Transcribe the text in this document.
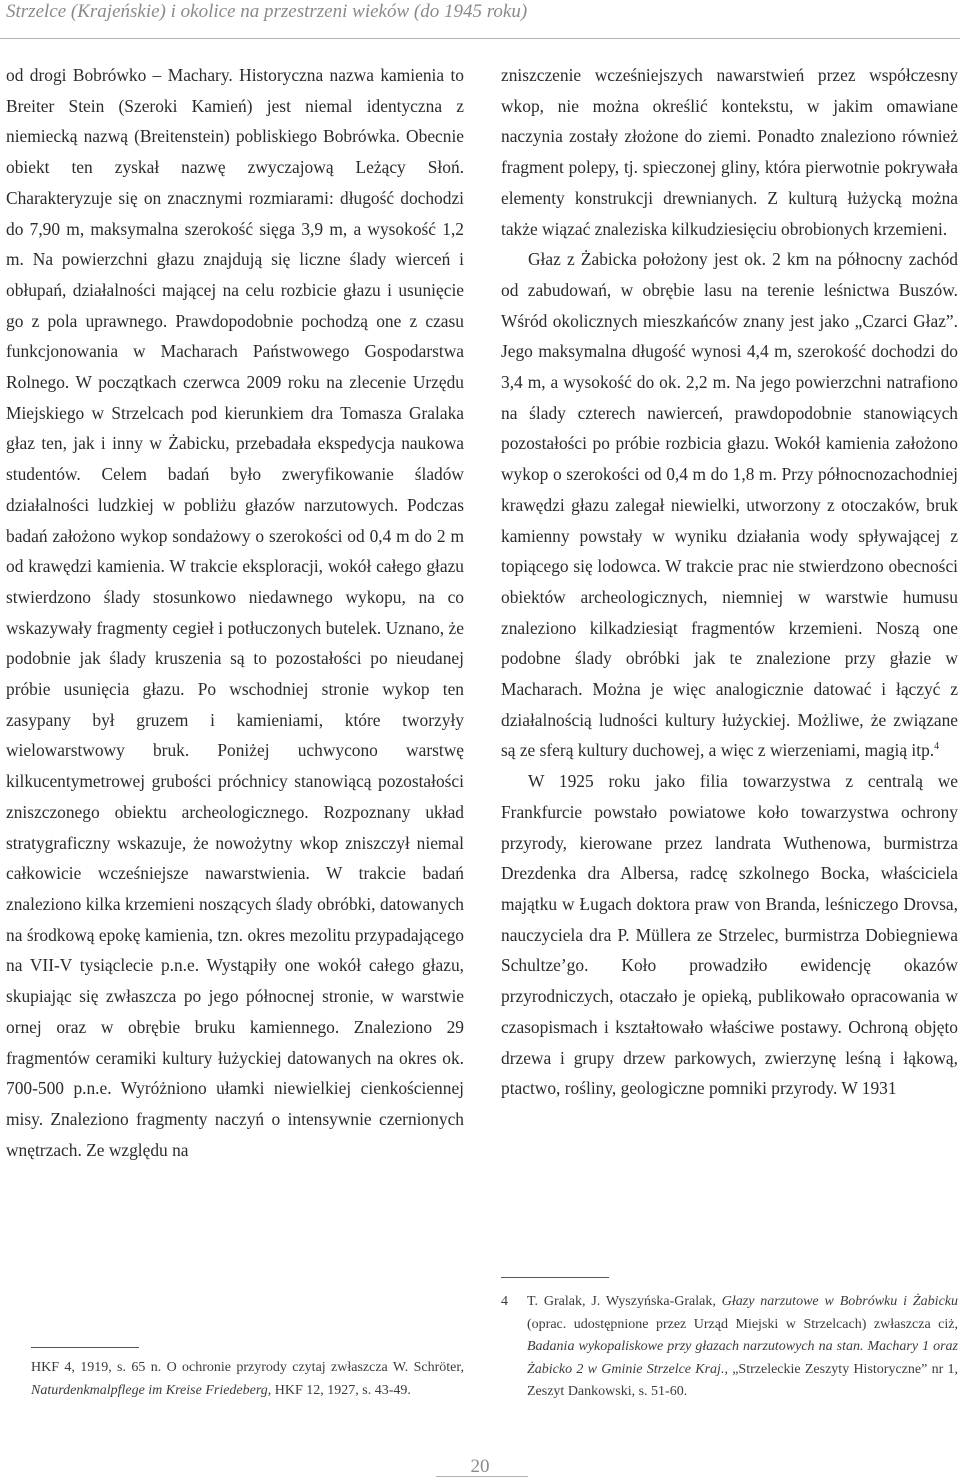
Strzelce (Krajeńskie) i okolice na przestrzeni wieków (do 1945 roku)

od drogi Bobrówko – Machary. Historyczna nazwa kamienia to Breiter Stein (Szeroki Kamień) jest niemal identyczna z niemiecką nazwą (Breitenstein) pobliskiego Bobrówka. Obecnie obiekt ten zyskał nazwę zwyczajową Leżący Słoń. Charakteryzuje się on znacznymi rozmiarami: długość dochodzi do 7,90 m, maksymalna szerokość sięga 3,9 m, a wysokość 1,2 m. Na powierzchni głazu znajdują się liczne ślady wierceń i obłupań, działalności mającej na celu rozbicie głazu i usunięcie go z pola uprawnego. Prawdopodobnie pochodzą one z czasu funkcjonowania w Macharach Państwowego Gospodarstwa Rolnego. W początkach czerwca 2009 roku na zlecenie Urzędu Miejskiego w Strzelcach pod kierunkiem dra Tomasza Gralaka głaz ten, jak i inny w Żabicku, przebadała ekspedycja naukowa studentów. Celem badań było zweryfikowanie śladów działalności ludzkiej w pobliżu głazów narzutowych. Podczas badań założono wykop sondażowy o szerokości od 0,4 m do 2 m od krawędzi kamienia. W trakcie eksploracji, wokół całego głazu stwierdzono ślady stosunkowo niedawnego wykopu, na co wskazywały fragmenty cegieł i potłuczonych butelek. Uznano, że podobnie jak ślady kruszenia są to pozostałości po nieudanej próbie usunięcia głazu. Po wschodniej stronie wykop ten zasypany był gruzem i kamieniami, które tworzyły wielowarstwowy bruk. Poniżej uchwycono warstwę kilkucentymetrowej grubości próchnicy stanowiącą pozostałości zniszczonego obiektu archeologicznego. Rozpoznany układ stratygraficzny wskazuje, że nowożytny wkop zniszczył niemal całkowicie wcześniejsze nawarstwienia. W trakcie badań znaleziono kilka krzemieni noszących ślady obróbki, datowanych na środkową epokę kamienia, tzn. okres mezolitu przypadającego na VII-V tysiąclecie p.n.e. Wystąpiły one wokół całego głazu, skupiając się zwłaszcza po jego północnej stronie, w warstwie ornej oraz w obrębie bruku kamiennego. Znaleziono 29 fragmentów ceramiki kultury łużyckiej datowanych na okres ok. 700-500 p.n.e. Wyróżniono ułamki niewielkiej cienkościennej misy. Znaleziono fragmenty naczyń o intensywnie czernionych wnętrzach. Ze względu na

zniszczenie wcześniejszych nawarstwień przez współczesny wkop, nie można określić kontekstu, w jakim omawiane naczynia zostały złożone do ziemi. Ponadto znaleziono również fragment polepy, tj. spieczonej gliny, która pierwotnie pokrywała elementy konstrukcji drewnianych. Z kulturą łużycką można także wiązać znaleziska kilkudziesięciu obrobionych krzemieni.

Głaz z Żabicka położony jest ok. 2 km na północny zachód od zabudowań, w obrębie lasu na terenie leśnictwa Buszów. Wśród okolicznych mieszkańców znany jest jako „Czarci Głaz”. Jego maksymalna długość wynosi 4,4 m, szerokość dochodzi do 3,4 m, a wysokość do ok. 2,2 m. Na jego powierzchni natrafiono na ślady czterech nawierceń, prawdopodobnie stanowiących pozostałości po próbie rozbicia głazu. Wokół kamienia założono wykop o szerokości od 0,4 m do 1,8 m. Przy północnozachodniej krawędzi głazu zalegał niewielki, utworzony z otoczaków, bruk kamienny powstały w wyniku działania wody spływającej z topiącego się lodowca. W trakcie prac nie stwierdzono obecności obiektów archeologicznych, niemniej w warstwie humusu znaleziono kilkadziesiąt fragmentów krzemieni. Noszą one podobne ślady obróbki jak te znalezione przy głazie w Macharach. Można je więc analogicznie datować i łączyć z działalnością ludności kultury łużyckiej. Możliwe, że związane są ze sferą kultury duchowej, a więc z wierzeniami, magią itp.$^4$

W 1925 roku jako filia towarzystwa z centralą we Frankfurcie powstało powiatowe koło towarzystwa ochrony przyrody, kierowane przez landrata Wuthenowa, burmistrza Drezdenka dra Albersa, radcę szkolnego Bocka, właściciela majątku w Ługach doktora praw von Branda, leśniczego Drovsa, nauczyciela dra P. Müllera ze Strzelec, burmistrza Dobiegniewa Schultze’go. Koło prowadziło ewidencję okazów przyrodniczych, otaczało je opieką, publikowało opracowania w czasopismach i kształtowało właściwe postawy. Ochroną objęto drzewa i grupy drzew parkowych, zwierzynę leśną i łąkową, ptactwo, rośliny, geologiczne pomniki przyrody. W 1931

HKF 4, 1919, s. 65 n. O ochronie przyrody czytaj zwłaszcza W. Schröter, Naturdenkmalpflege im Kreise Friedeberg, HKF 12, 1927, s. 43-49.

4 T. Gralak, J. Wyszyńska-Gralak, Głazy narzutowe w Bobrówku i Żabicku (oprac. udostępnione przez Urząd Miejski w Strzelcach) zwłaszcza ciż, Badania wykopaliskowe przy głazach narzutowych na stan. Machary 1 oraz Żabicko 2 w Gminie Strzelce Kraj., „Strzeleckie Zeszyty Historyczne” nr 1, Zeszyt Dankowski, s. 51-60.

20
